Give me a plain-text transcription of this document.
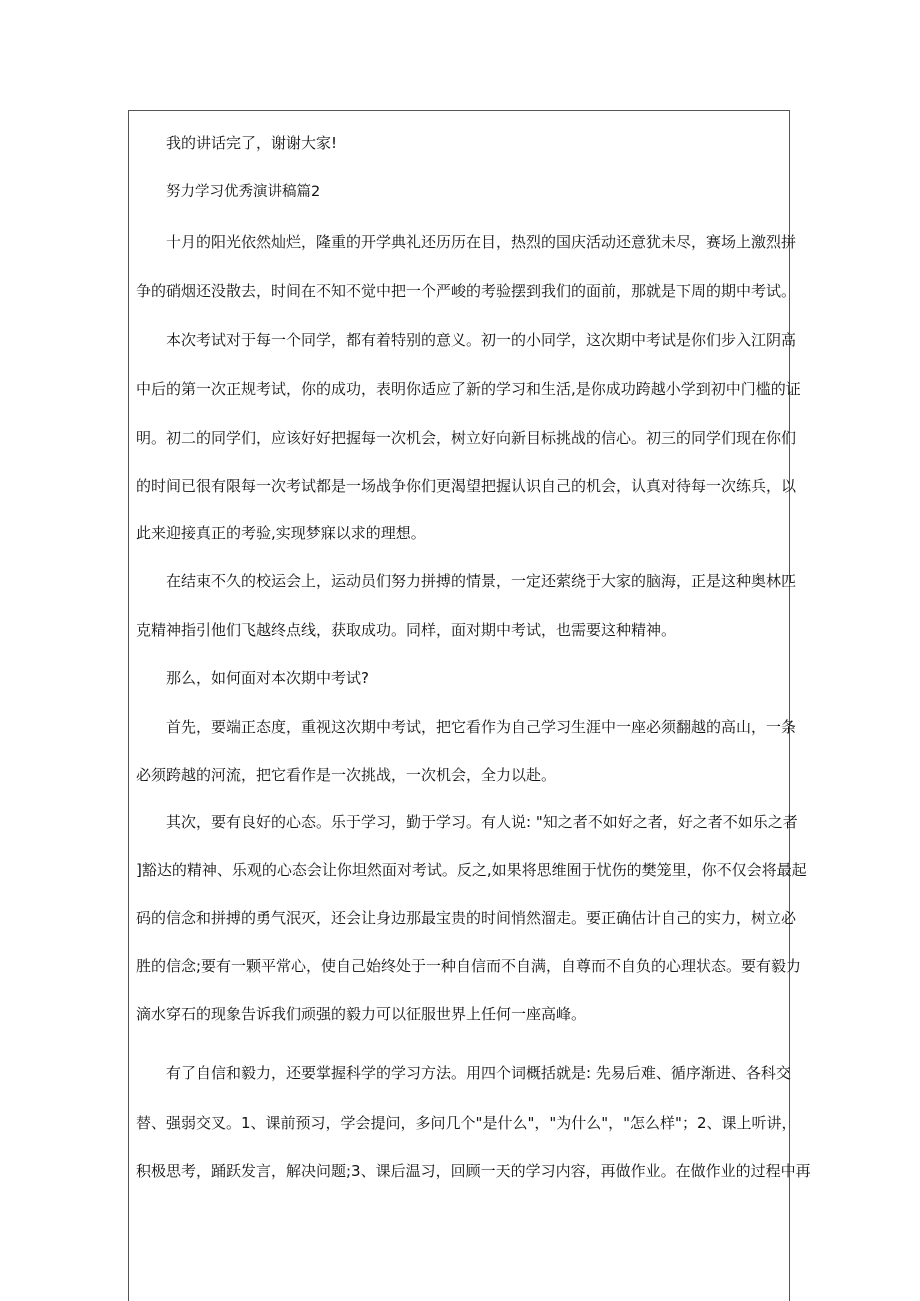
我的讲话完了，谢谢大家!
努力学习优秀演讲稿篇2
十月的阳光依然灿烂，隆重的开学典礼还历历在目，热烈的国庆活动还意犹未尽，赛场上激烈拼
争的硝烟还没散去，时间在不知不觉中把一个严峻的考验摆到我们的面前，那就是下周的期中考试。
本次考试对于每一个同学，都有着特别的意义。初一的小同学，这次期中考试是你们步入江阴高
中后的第一次正规考试，你的成功，表明你适应了新的学习和生活,是你成功跨越小学到初中门槛的证
明。初二的同学们，应该好好把握每一次机会，树立好向新目标挑战的信心。初三的同学们现在你们
的时间已很有限每一次考试都是一场战争你们更渴望把握认识自己的机会，认真对待每一次练兵，以
此来迎接真正的考验,实现梦寐以求的理想。
在结束不久的校运会上，运动员们努力拼搏的情景，一定还萦绕于大家的脑海，正是这种奥林匹
克精神指引他们飞越终点线，获取成功。同样，面对期中考试，也需要这种精神。
那么，如何面对本次期中考试?
首先，要端正态度，重视这次期中考试，把它看作为自己学习生涯中一座必须翻越的高山，一条
必须跨越的河流，把它看作是一次挑战，一次机会，全力以赴。
其次，要有良好的心态。乐于学习，勤于学习。有人说: "知之者不如好之者，好之者不如乐之者
]豁达的精神、乐观的心态会让你坦然面对考试。反之,如果将思维囿于忧伤的樊笼里，你不仅会将最起
码的信念和拼搏的勇气泯灭，还会让身边那最宝贵的时间悄然溜走。要正确估计自己的实力，树立必
胜的信念;要有一颗平常心，使自己始终处于一种自信而不自满，自尊而不自负的心理状态。要有毅力
滴水穿石的现象告诉我们顽强的毅力可以征服世界上任何一座高峰。
有了自信和毅力，还要掌握科学的学习方法。用四个词概括就是: 先易后难、循序渐进、各科交
替、强弱交叉。1、课前预习，学会提问，多问几个"是什么"，"为什么"，"怎么样"；2、课上听讲，
积极思考，踊跃发言，解决问题;3、课后温习，回顾一天的学习内容，再做作业。在做作业的过程中再
